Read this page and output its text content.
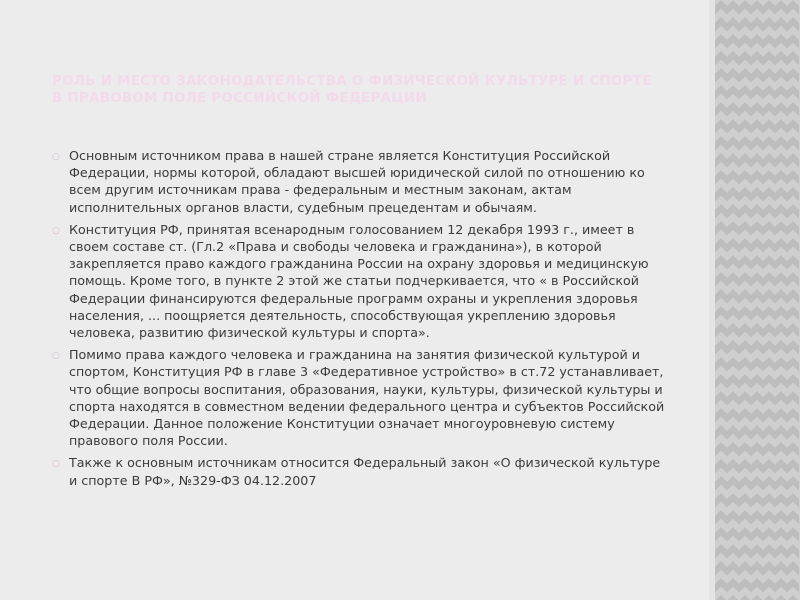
РОЛЬ И МЕСТО ЗАКОНОДАТЕЛЬСТВА О ФИЗИЧЕСКОЙ КУЛЬТУРЕ И СПОРТЕ В ПРАВОВОМ ПОЛЕ РОССИЙСКОЙ ФЕДЕРАЦИИ
○ Основным источником права в нашей стране является Конституция Российской Федерации, нормы которой, обладают высшей юридической силой по отношению ко всем другим источникам права - федеральным и местным законам, актам исполнительных органов власти, судебным прецедентам и обычаям.
○ Конституция РФ, принятая всенародным голосованием 12 декабря 1993 г., имеет в своем составе ст. (Гл.2 «Права и свободы человека и гражданина»), в которой закрепляется право каждого гражданина России на охрану здоровья и медицинскую помощь. Кроме того, в пункте 2 этой же статьи подчеркивается, что « в Российской Федерации финансируются федеральные программ охраны и укрепления здоровья населения, ... поощряется деятельность, способствующая укреплению здоровья человека, развитию физической культуры и спорта».
○ Помимо права каждого человека и гражданина на занятия физической культурой и спортом, Конституция РФ в главе 3 «Федеративное устройство» в ст.72 устанавливает, что общие вопросы воспитания, образования, науки, культуры, физической культуры и спорта находятся в совместном ведении федерального центра и субъектов Российской Федерации. Данное положение Конституции означает многоуровневую систему правового поля России.
○ Также к основным источникам относится Федеральный закон «О физической культуре и спорте В РФ», №329-ФЗ 04.12.2007
